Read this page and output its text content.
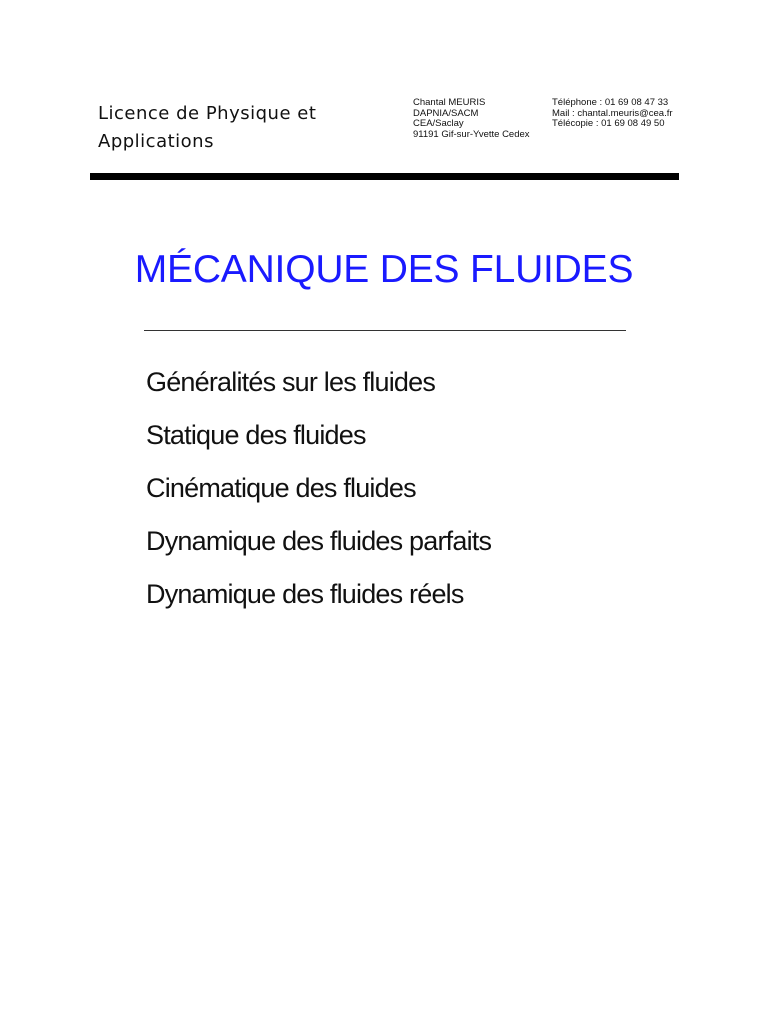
Licence de Physique et
Applications
Chantal MEURIS
DAPNIA/SACM
CEA/Saclay
91191 Gif-sur-Yvette Cedex
Téléphone : 01 69 08 47 33
Mail : chantal.meuris@cea.fr
Télécopie : 01 69 08 49 50
MÉCANIQUE DES FLUIDES
Généralités sur les fluides
Statique des fluides
Cinématique des fluides
Dynamique des fluides parfaits
Dynamique des fluides réels
